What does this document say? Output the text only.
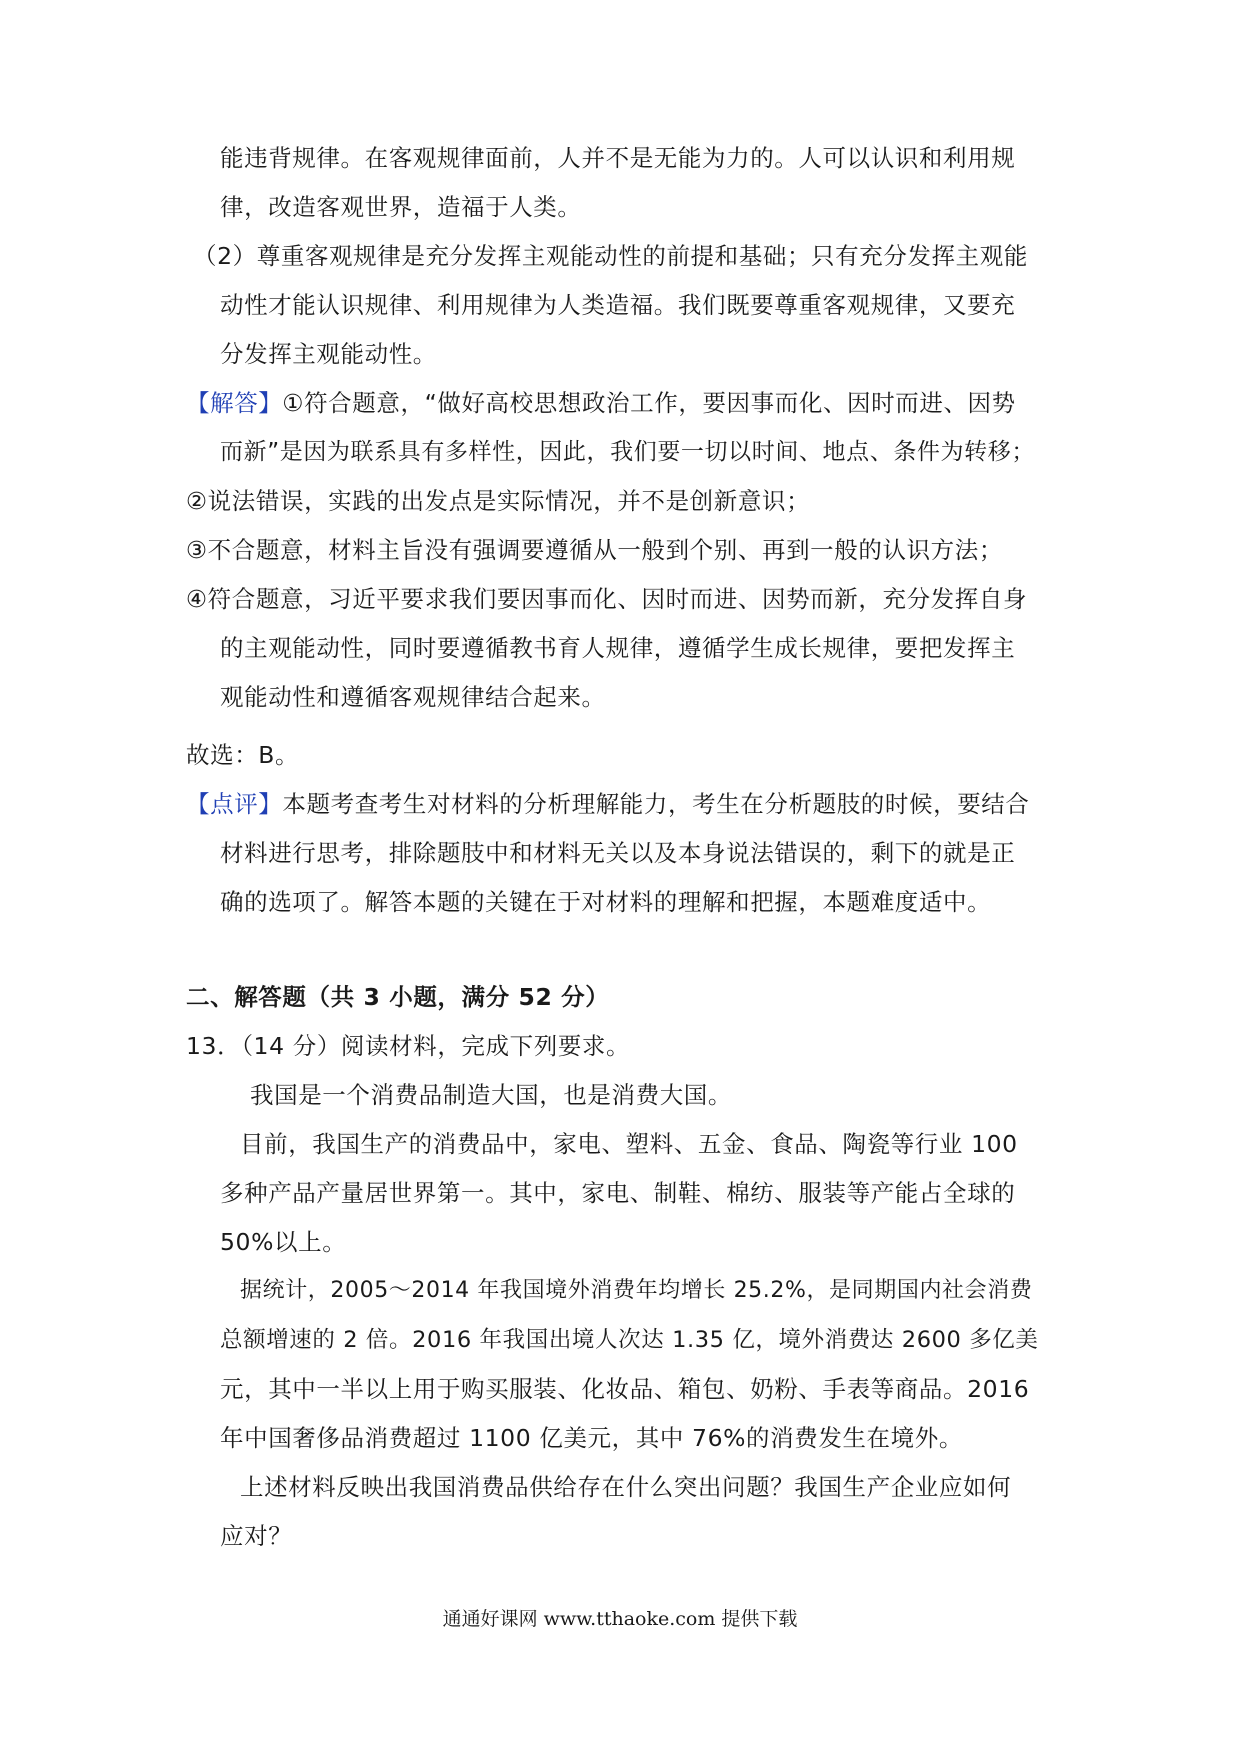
能违背规律。在客观规律面前，人并不是无能为力的。人可以认识和利用规
律，改造客观世界，造福于人类。
（2）尊重客观规律是充分发挥主观能动性的前提和基础；只有充分发挥主观能
动性才能认识规律、利用规律为人类造福。我们既要尊重客观规律，又要充
分发挥主观能动性。
【解答】①符合题意，“做好高校思想政治工作，要因事而化、因时而进、因势
而新”是因为联系具有多样性，因此，我们要一切以时间、地点、条件为转移；
②说法错误，实践的出发点是实际情况，并不是创新意识；
③不合题意，材料主旨没有强调要遵循从一般到个别、再到一般的认识方法；
④符合题意，习近平要求我们要因事而化、因时而进、因势而新，充分发挥自身
的主观能动性，同时要遵循教书育人规律，遵循学生成长规律，要把发挥主
观能动性和遵循客观规律结合起来。
故选：B。
【点评】本题考查考生对材料的分析理解能力，考生在分析题肢的时候，要结合
材料进行思考，排除题肢中和材料无关以及本身说法错误的，剩下的就是正
确的选项了。解答本题的关键在于对材料的理解和把握，本题难度适中。
二、解答题（共 3 小题，满分 52 分）
13．（14 分）阅读材料，完成下列要求。
我国是一个消费品制造大国，也是消费大国。
目前，我国生产的消费品中，家电、塑料、五金、食品、陶瓷等行业 100
多种产品产量居世界第一。其中，家电、制鞋、棉纺、服装等产能占全球的
50%以上。
据统计，2005～2014 年我国境外消费年均增长 25.2%，是同期国内社会消费
总额增速的 2 倍。2016 年我国出境人次达 1.35 亿，境外消费达 2600 多亿美
元，其中一半以上用于购买服装、化妆品、箱包、奶粉、手表等商品。2016
年中国奢侈品消费超过 1100 亿美元，其中 76%的消费发生在境外。
上述材料反映出我国消费品供给存在什么突出问题？我国生产企业应如何
应对？
通通好课网 www.tthaoke.com 提供下载
